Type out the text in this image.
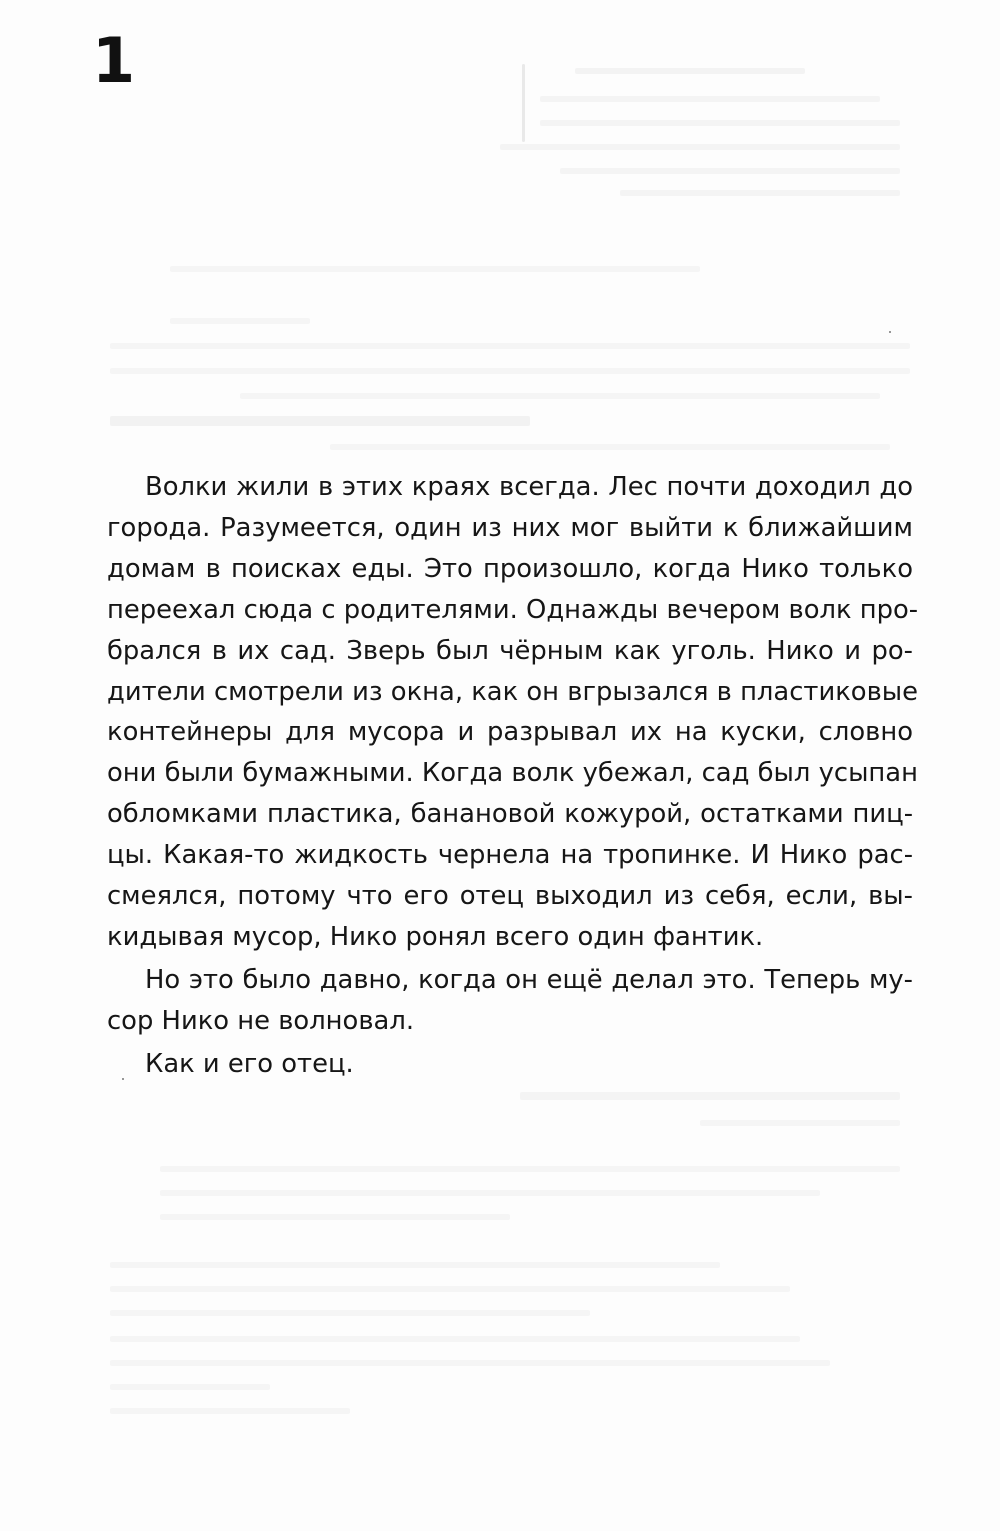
1

Волки жили в этих краях всегда. Лес почти доходил до
города. Разумеется, один из них мог выйти к ближайшим
домам в поисках еды. Это произошло, когда Нико только
переехал сюда с родителями. Однажды вечером волк про-
брался в их сад. Зверь был чёрным как уголь. Нико и ро-
дители смотрели из окна, как он вгрызался в пластиковые
контейнеры для мусора и разрывал их на куски, словно
они были бумажными. Когда волк убежал, сад был усыпан
обломками пластика, банановой кожурой, остатками пиц-
цы. Какая-то жидкость чернела на тропинке. И Нико рас-
смеялся, потому что его отец выходил из себя, если, вы-
кидывая мусор, Нико ронял всего один фантик.

Но это было давно, когда он ещё делал это. Теперь му-
сор Нико не волновал.

Как и его отец.
